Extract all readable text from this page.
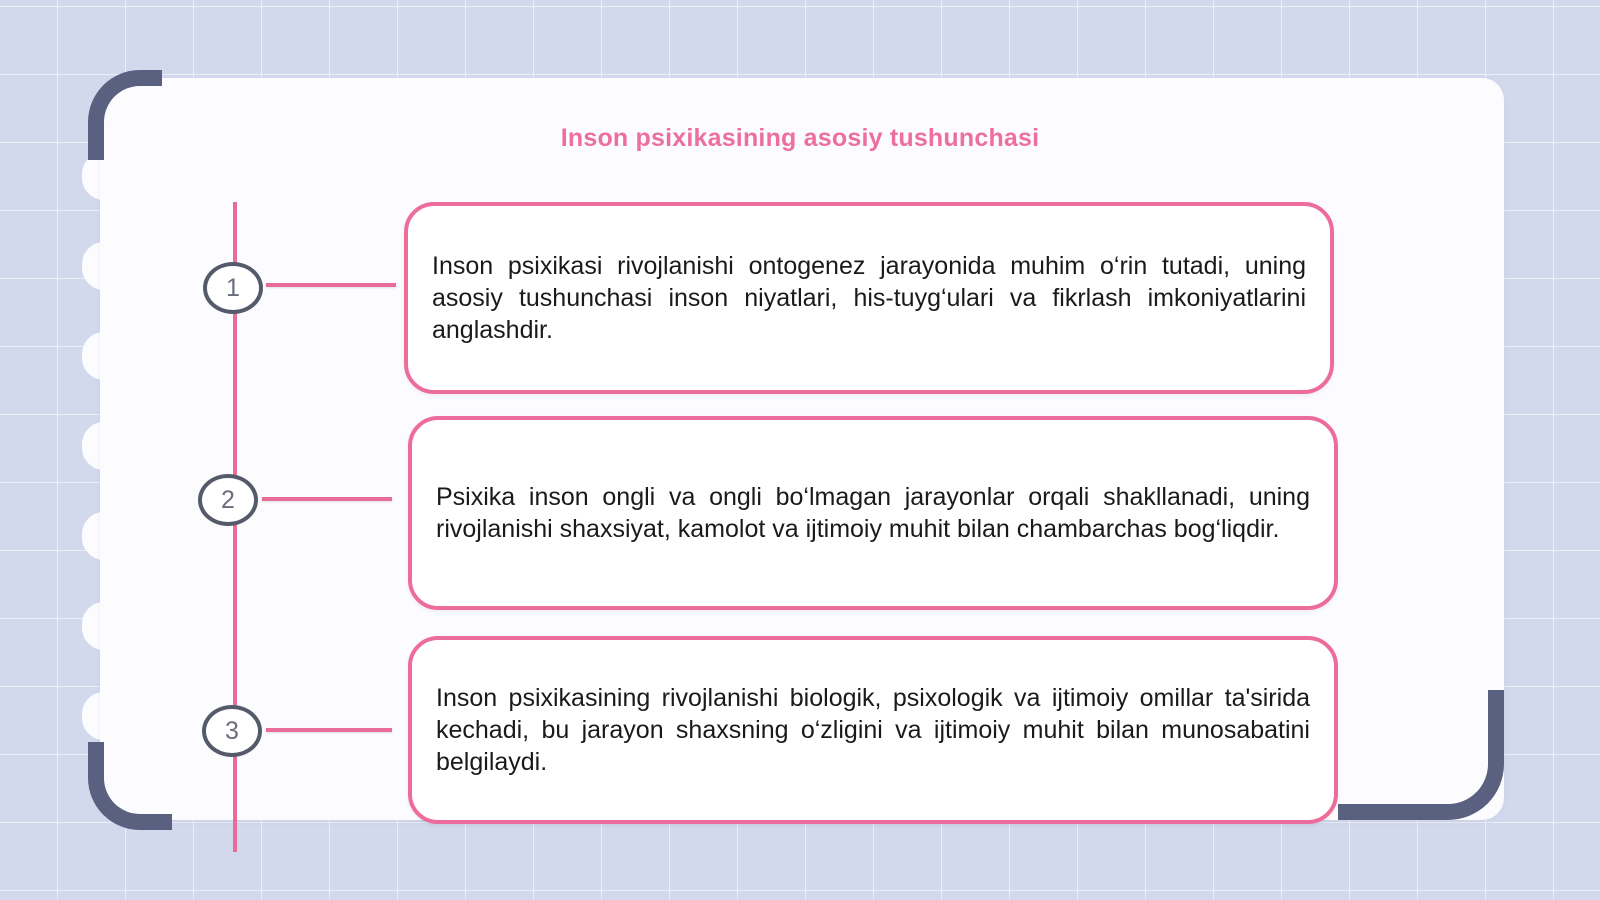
Inson psixikasining asosiy tushunchasi
1
Inson psixikasi rivojlanishi ontogenez jarayonida muhim o‘rin tutadi, uning asosiy tushunchasi inson niyatlari, his-tuyg‘ulari va fikrlash imkoniyatlarini anglashdir.
2	Psixika inson ongli va ongli bo‘lmagan jarayonlar orqali shakllanadi, uning rivojlanishi shaxsiyat, kamolot va ijtimoiy muhit bilan chambarchas bog‘liqdir.
3
Inson psixikasining rivojlanishi biologik, psixologik va ijtimoiy omillar ta'sirida kechadi, bu jarayon shaxsning o‘zligini va ijtimoiy muhit bilan munosabatini belgilaydi.
